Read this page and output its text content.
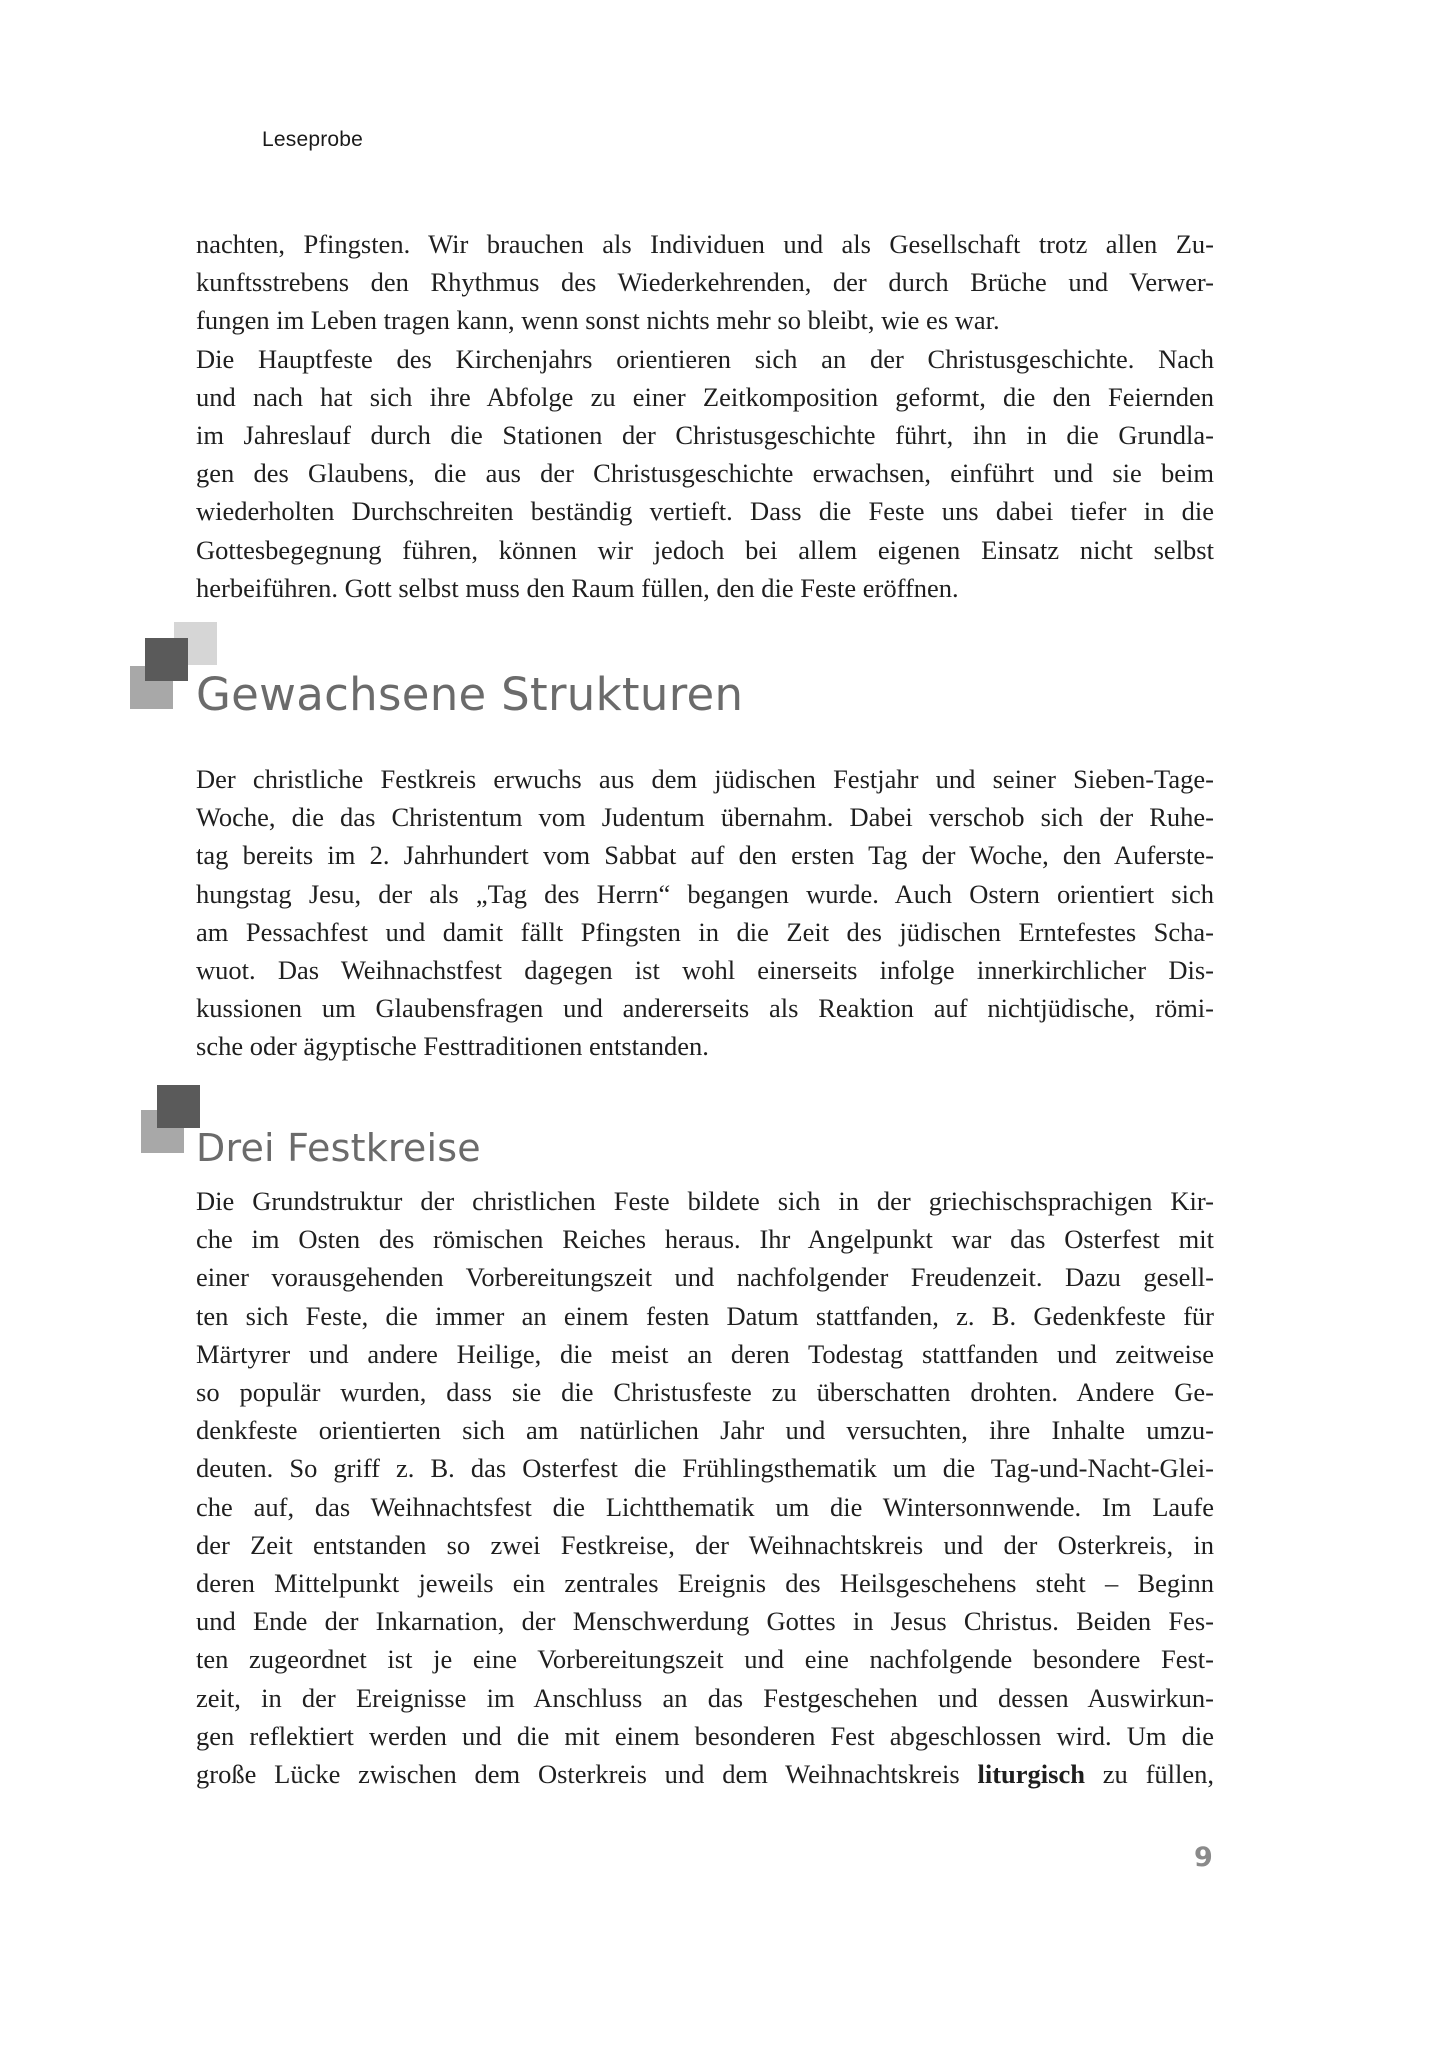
Leseprobe
nachten, Pfingsten. Wir brauchen als Individuen und als Gesellschaft trotz allen Zu-
kunftsstrebens den Rhythmus des Wiederkehrenden, der durch Brüche und Verwer-
fungen im Leben tragen kann, wenn sonst nichts mehr so bleibt, wie es war.
Die Hauptfeste des Kirchenjahrs orientieren sich an der Christusgeschichte. Nach
und nach hat sich ihre Abfolge zu einer Zeitkomposition geformt, die den Feiernden
im Jahreslauf durch die Stationen der Christusgeschichte führt, ihn in die Grundla-
gen des Glaubens, die aus der Christusgeschichte erwachsen, einführt und sie beim
wiederholten Durchschreiten beständig vertieft. Dass die Feste uns dabei tiefer in die
Gottesbegegnung führen, können wir jedoch bei allem eigenen Einsatz nicht selbst
herbeiführen. Gott selbst muss den Raum füllen, den die Feste eröffnen.
Gewachsene Strukturen
Der christliche Festkreis erwuchs aus dem jüdischen Festjahr und seiner Sieben-Tage-
Woche, die das Christentum vom Judentum übernahm. Dabei verschob sich der Ruhe-
tag bereits im 2. Jahrhundert vom Sabbat auf den ersten Tag der Woche, den Auferste-
hungstag Jesu, der als „Tag des Herrn“ begangen wurde. Auch Ostern orientiert sich
am Pessachfest und damit fällt Pfingsten in die Zeit des jüdischen Erntefestes Scha-
wuot. Das Weihnachstfest dagegen ist wohl einerseits infolge innerkirchlicher Dis-
kussionen um Glaubensfragen und andererseits als Reaktion auf nichtjüdische, römi-
sche oder ägyptische Festtraditionen entstanden.
Drei Festkreise
Die Grundstruktur der christlichen Feste bildete sich in der griechischsprachigen Kir-
che im Osten des römischen Reiches heraus. Ihr Angelpunkt war das Osterfest mit
einer vorausgehenden Vorbereitungszeit und nachfolgender Freudenzeit. Dazu gesell-
ten sich Feste, die immer an einem festen Datum stattfanden, z. B. Gedenkfeste für
Märtyrer und andere Heilige, die meist an deren Todestag stattfanden und zeitweise
so populär wurden, dass sie die Christusfeste zu überschatten drohten. Andere Ge-
denkfeste orientierten sich am natürlichen Jahr und versuchten, ihre Inhalte umzu-
deuten. So griff z. B. das Osterfest die Frühlingsthematik um die Tag-und-Nacht-Glei-
che auf, das Weihnachtsfest die Lichtthematik um die Wintersonnwende. Im Laufe
der Zeit entstanden so zwei Festkreise, der Weihnachtskreis und der Osterkreis, in
deren Mittelpunkt jeweils ein zentrales Ereignis des Heilsgeschehens steht – Beginn
und Ende der Inkarnation, der Menschwerdung Gottes in Jesus Christus. Beiden Fes-
ten zugeordnet ist je eine Vorbereitungszeit und eine nachfolgende besondere Fest-
zeit, in der Ereignisse im Anschluss an das Festgeschehen und dessen Auswirkun-
gen reflektiert werden und die mit einem besonderen Fest abgeschlossen wird. Um die
große Lücke zwischen dem Osterkreis und dem Weihnachtskreis liturgisch zu füllen,
9
